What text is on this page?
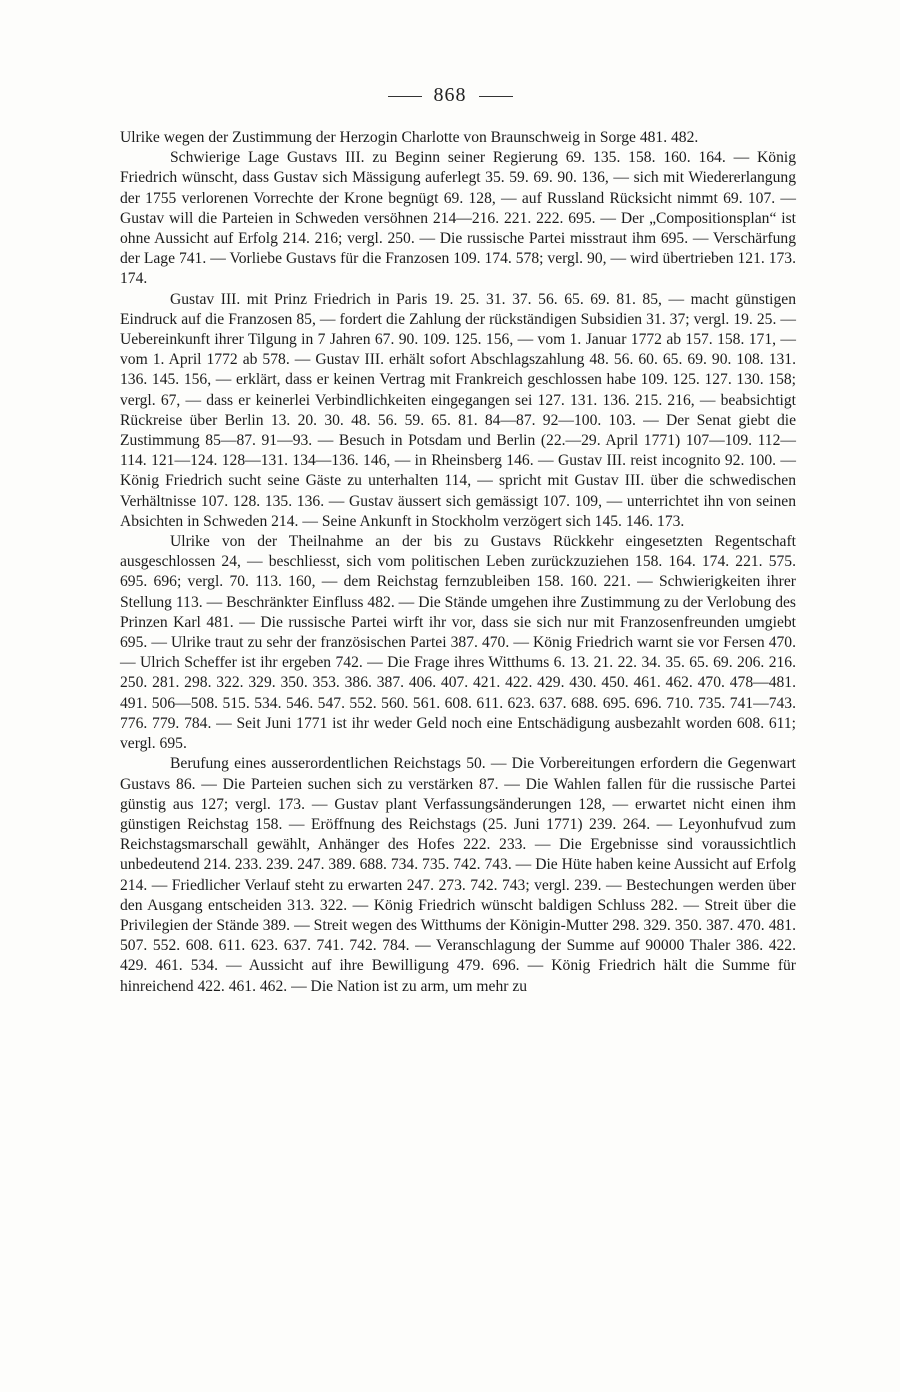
868

Ulrike wegen der Zustimmung der Herzogin Charlotte von Braunschweig in Sorge 481. 482.

Schwierige Lage Gustavs III. zu Beginn seiner Regierung 69. 135. 158. 160. 164. — König Friedrich wünscht, dass Gustav sich Mässigung auferlegt 35. 59. 69. 90. 136, — sich mit Wiedererlangung der 1755 verlorenen Vorrechte der Krone begnügt 69. 128, — auf Russland Rücksicht nimmt 69. 107. — Gustav will die Parteien in Schweden versöhnen 214—216. 221. 222. 695. — Der „Compositionsplan“ ist ohne Aussicht auf Erfolg 214. 216; vergl. 250. — Die russische Partei misstraut ihm 695. — Verschärfung der Lage 741. — Vorliebe Gustavs für die Franzosen 109. 174. 578; vergl. 90, — wird übertrieben 121. 173. 174.

Gustav III. mit Prinz Friedrich in Paris 19. 25. 31. 37. 56. 65. 69. 81. 85, — macht günstigen Eindruck auf die Franzosen 85, — fordert die Zahlung der rückständigen Subsidien 31. 37; vergl. 19. 25. — Uebereinkunft ihrer Tilgung in 7 Jahren 67. 90. 109. 125. 156, — vom 1. Januar 1772 ab 157. 158. 171, — vom 1. April 1772 ab 578. — Gustav III. erhält sofort Abschlagszahlung 48. 56. 60. 65. 69. 90. 108. 131. 136. 145. 156, — erklärt, dass er keinen Vertrag mit Frankreich geschlossen habe 109. 125. 127. 130. 158; vergl. 67, — dass er keinerlei Verbindlichkeiten eingegangen sei 127. 131. 136. 215. 216, — beabsichtigt Rückreise über Berlin 13. 20. 30. 48. 56. 59. 65. 81. 84—87. 92—100. 103. — Der Senat giebt die Zustimmung 85—87. 91—93. — Besuch in Potsdam und Berlin (22.—29. April 1771) 107—109. 112—114. 121—124. 128—131. 134—136. 146, — in Rheinsberg 146. — Gustav III. reist incognito 92. 100. — König Friedrich sucht seine Gäste zu unterhalten 114, — spricht mit Gustav III. über die schwedischen Verhältnisse 107. 128. 135. 136. — Gustav äussert sich gemässigt 107. 109, — unterrichtet ihn von seinen Absichten in Schweden 214. — Seine Ankunft in Stockholm verzögert sich 145. 146. 173.

Ulrike von der Theilnahme an der bis zu Gustavs Rückkehr eingesetzten Regentschaft ausgeschlossen 24, — beschliesst, sich vom politischen Leben zurückzuziehen 158. 164. 174. 221. 575. 695. 696; vergl. 70. 113. 160, — dem Reichstag fernzubleiben 158. 160. 221. — Schwierigkeiten ihrer Stellung 113. — Beschränkter Einfluss 482. — Die Stände umgehen ihre Zustimmung zu der Verlobung des Prinzen Karl 481. — Die russische Partei wirft ihr vor, dass sie sich nur mit Franzosenfreunden umgiebt 695. — Ulrike traut zu sehr der französischen Partei 387. 470. — König Friedrich warnt sie vor Fersen 470. — Ulrich Scheffer ist ihr ergeben 742. — Die Frage ihres Witthums 6. 13. 21. 22. 34. 35. 65. 69. 206. 216. 250. 281. 298. 322. 329. 350. 353. 386. 387. 406. 407. 421. 422. 429. 430. 450. 461. 462. 470. 478—481. 491. 506—508. 515. 534. 546. 547. 552. 560. 561. 608. 611. 623. 637. 688. 695. 696. 710. 735. 741—743. 776. 779. 784. — Seit Juni 1771 ist ihr weder Geld noch eine Entschädigung ausbezahlt worden 608. 611; vergl. 695.

Berufung eines ausserordentlichen Reichstags 50. — Die Vorbereitungen erfordern die Gegenwart Gustavs 86. — Die Parteien suchen sich zu verstärken 87. — Die Wahlen fallen für die russische Partei günstig aus 127; vergl. 173. — Gustav plant Verfassungsänderungen 128, — erwartet nicht einen ihm günstigen Reichstag 158. — Eröffnung des Reichstags (25. Juni 1771) 239. 264. — Leyonhufvud zum Reichstagsmarschall gewählt, Anhänger des Hofes 222. 233. — Die Ergebnisse sind voraussichtlich unbedeutend 214. 233. 239. 247. 389. 688. 734. 735. 742. 743. — Die Hüte haben keine Aussicht auf Erfolg 214. — Friedlicher Verlauf steht zu erwarten 247. 273. 742. 743; vergl. 239. — Bestechungen werden über den Ausgang entscheiden 313. 322. — König Friedrich wünscht baldigen Schluss 282. — Streit über die Privilegien der Stände 389. — Streit wegen des Witthums der Königin-Mutter 298. 329. 350. 387. 470. 481. 507. 552. 608. 611. 623. 637. 741. 742. 784. — Veranschlagung der Summe auf 90000 Thaler 386. 422. 429. 461. 534. — Aussicht auf ihre Bewilligung 479. 696. — König Friedrich hält die Summe für hinreichend 422. 461. 462. — Die Nation ist zu arm, um mehr zu
